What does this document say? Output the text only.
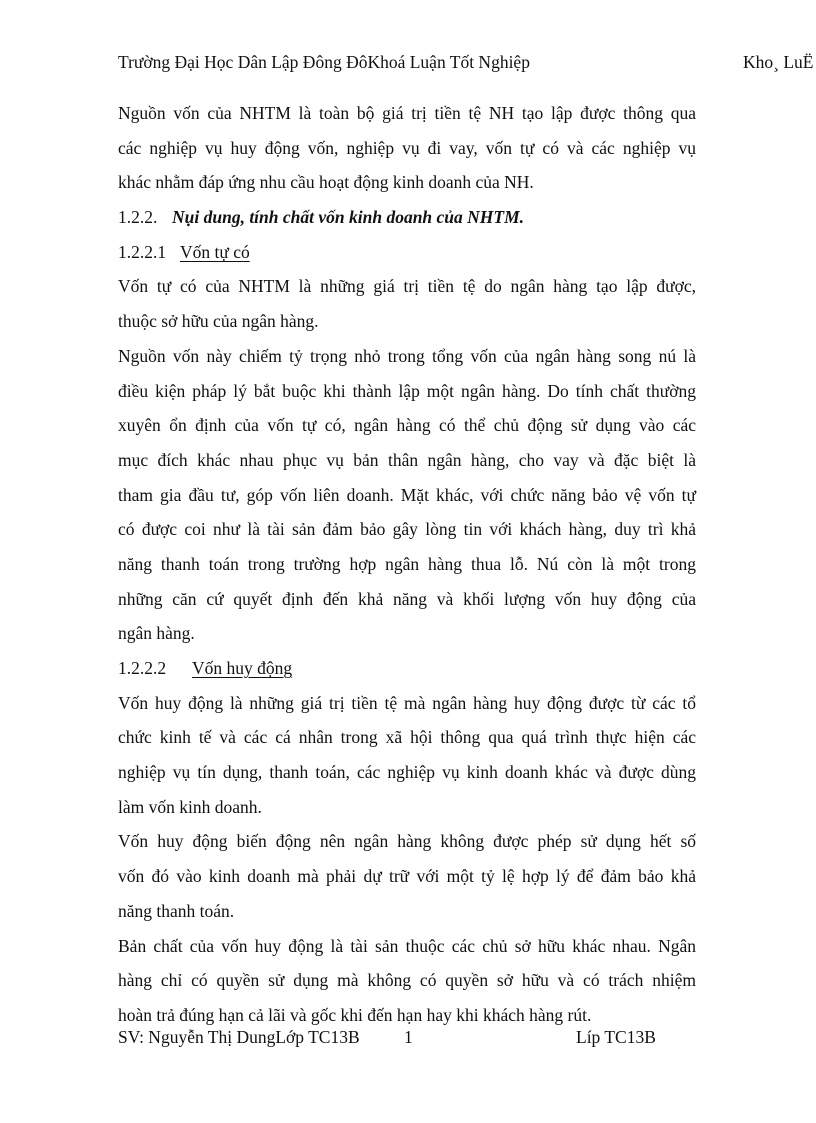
Trường Đại Học Dân Lập Đông ĐôKhoá Luận Tốt Nghiệp	Kho¸ LuË
Nguồn vốn của NHTM là toàn bộ giá trị tiền tệ NH tạo lập được thông qua
các nghiệp vụ huy động vốn, nghiệp vụ đi vay, vốn tự có và các nghiệp vụ
khác nhằm đáp ứng nhu cầu hoạt động kinh doanh của NH.
1.2.2. Nụi dung, tính chất vốn kinh doanh của NHTM.
1.2.2.1 Vốn tự có
Vốn tự có của NHTM là những giá trị tiền tệ do ngân hàng tạo lập được,
thuộc sở hữu của ngân hàng.
Nguồn vốn này chiếm tỷ trọng nhỏ trong tổng vốn của ngân hàng song nú là
điều kiện pháp lý bắt buộc khi thành lập một ngân hàng. Do tính chất thường
xuyên ổn định của vốn tự có, ngân hàng có thể chủ động sử dụng vào các
mục đích khác nhau phục vụ bản thân ngân hàng, cho vay và đặc biệt là
tham gia đầu tư, góp vốn liên doanh. Mặt khác, với chức năng bảo vệ vốn tự
có được coi như là tài sản đảm bảo gây lòng tin với khách hàng, duy trì khả
năng thanh toán trong trường hợp ngân hàng thua lỗ. Nú còn là một trong
những căn cứ quyết định đến khả năng và khối lượng vốn huy động của
ngân hàng.
1.2.2.2 Vốn huy động
Vốn huy động là những giá trị tiền tệ mà ngân hàng huy động được từ các tổ
chức kinh tế và các cá nhân trong xã hội thông qua quá trình thực hiện các
nghiệp vụ tín dụng, thanh toán, các nghiệp vụ kinh doanh khác và được dùng
làm vốn kinh doanh.
Vốn huy động biến động nên ngân hàng không được phép sử dụng hết số
vốn đó vào kinh doanh mà phải dự trữ với một tỷ lệ hợp lý để đảm bảo khả
năng thanh toán.
Bản chất của vốn huy động là tài sản thuộc các chủ sở hữu khác nhau. Ngân
hàng chỉ có quyền sử dụng mà không có quyền sở hữu và có trách nhiệm
hoàn trả đúng hạn cả lãi và gốc khi đến hạn hay khi khách hàng rút.
SV: Nguyễn Thị DungLớp TC13B	1	Líp TC13B
